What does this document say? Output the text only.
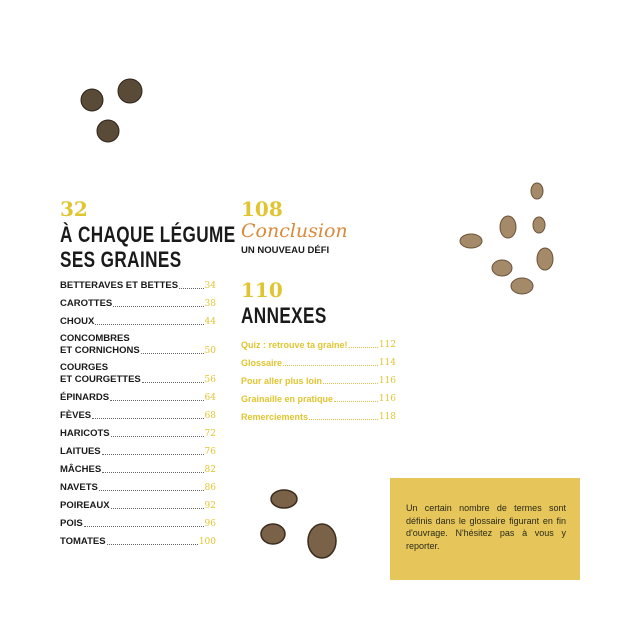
32
À CHAQUE LÉGUME
SES GRAINES
BETTERAVES ET BETTES	34
CAROTTES	38
CHOUX	44
CONCOMBRES
ET CORNICHONS	50
COURGES
ET COURGETTES	56
ÉPINARDS	64
FÈVES	68
HARICOTS	72
LAITUES	76
MÂCHES	82
NAVETS	86
POIREAUX	92
POIS	96
TOMATES	100
108
Conclusion
UN NOUVEAU DÉFI
110
ANNEXES
Quiz : retrouve ta graine!	112
Glossaire	114
Pour aller plus loin	116
Grainaille en pratique	116
Remerciements	118
Un certain nombre de termes sont définis dans le glossaire figurant en fin d'ouvrage. N'hésitez pas à vous y reporter.
